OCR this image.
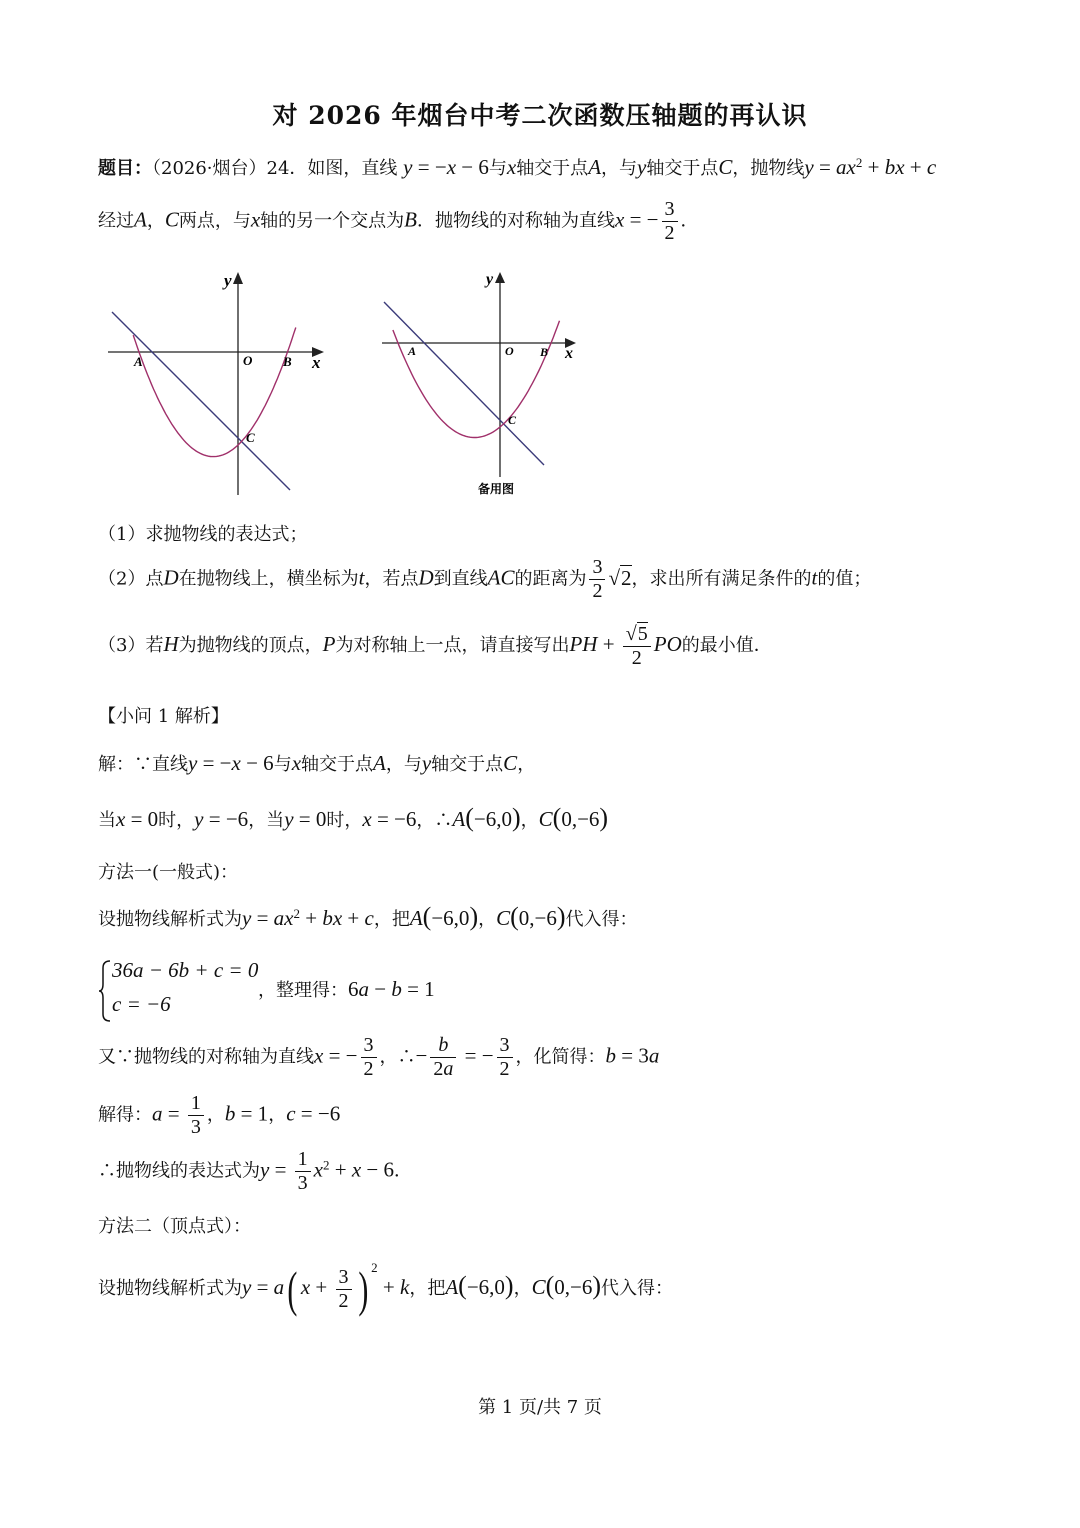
对 2026 年烟台中考二次函数压轴题的再认识
题目：（2026·烟台）24．如图，直线 y = −x − 6与x轴交于点A，与y轴交于点C，抛物线$y = ax^2$ + bx + c
经过A，C两点，与x轴的另一个交点为B．抛物线的对称轴为直线x = − $\frac{3}{2}$ ．
y
x
A	O B
C
y
x
A	O B
C
备用图
（1）求抛物线的表达式；
（2）点D在抛物线上，横坐标为t，若点D到直线AC的距离为 $\frac{3}{2} √2$，求出所有满足条件的t的值；
（3）若H为抛物线的顶点，P为对称轴上一点，请直接写出PH + $\frac{√5}{2}$ PO的最小值．
【小问 1 解析】
解：∵直线y = −x − 6与x轴交于点A，与y轴交于点C，
当x = 0时，y = −6，当y = 0时，x = −6，∴A(−6,0)，C(0,−6)
方法一(一般式)：
设抛物线解析式为$y = ax^2$ + bx + c，把A(−6,0)，C(0,−6)代入得：
36a − 6b + c = 0
c = −6
，整理得：6a − b = 1
又∵抛物线的对称轴为直线x = − $\frac{3}{2}$ ，∴− $\frac{b}{2a}$ = − $\frac{3}{2}$ ，化简得：b = 3a
解得：$a = \frac{1}{3}$ ，b = 1，c = −6
∴抛物线的表达式为$y = \frac{1}{3} x^2 + x - 6$．
方法二（顶点式）：
设抛物线解析式为y = a( $x + \frac{3}{2}$ ) $^2$ + k，把A(−6,0)，C(0,−6)代入得：
第 1 页/共 7 页
